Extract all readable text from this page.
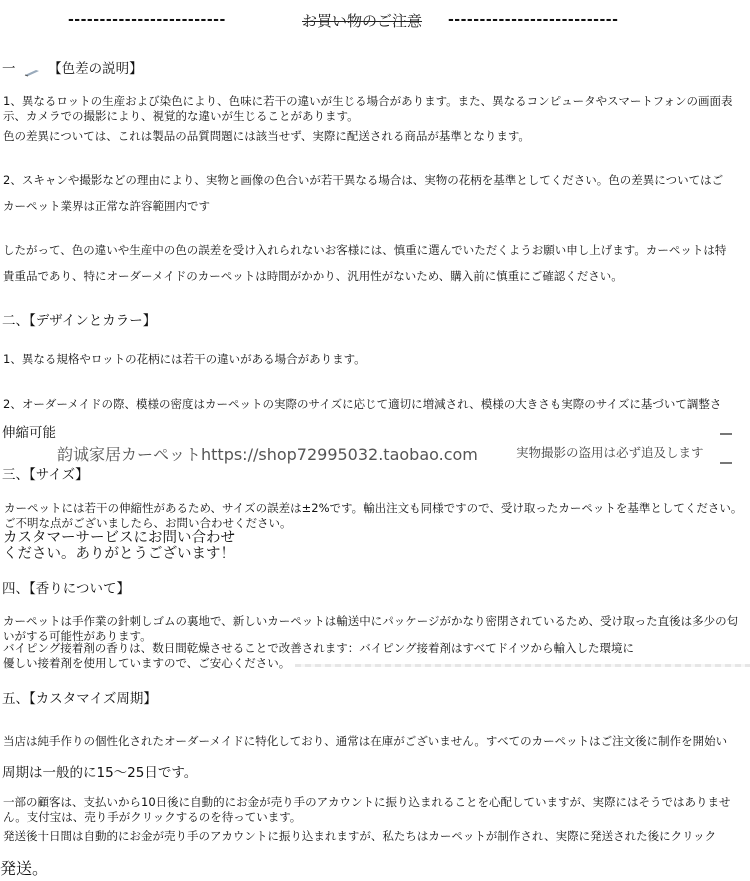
-------------------------	お買い物のご注意 ---------------------------
一 【色差の説明】
1、異なるロットの生産および染色により、色味に若干の違いが生じる場合があります。また、異なるコンピュータやスマートフォンの画面表示、カメラでの撮影により、視覚的な違いが生じることがあります。
色の差異については、これは製品の品質問題には該当せず、実際に配送される商品が基準となります。
2、スキャンや撮影などの理由により、実物と画像の色合いが若干異なる場合は、実物の花柄を基準としてください。色の差異についてはご
カーペット業界は正常な許容範囲内です
したがって、色の違いや生産中の色の誤差を受け入れられないお客様には、慎重に選んでいただくようお願い申し上げます。カーペットは特
貴重品であり、特にオーダーメイドのカーペットは時間がかかり、汎用性がないため、購入前に慎重にご確認ください。
二、【デザインとカラー】
1、異なる規格やロットの花柄には若干の違いがある場合があります。
2、オーダーメイドの際、模様の密度はカーペットの実際のサイズに応じて適切に増減され、模様の大きさも実際のサイズに基づいて調整さ
伸縮可能
韵诚家居カーペットhttps://shop72995032.taobao.com	実物撮影の盗用は必ず追及します
三、【サイズ】
カーペットには若干の伸縮性があるため、サイズの誤差は±2%です。輸出注文も同様ですので、受け取ったカーペットを基準としてください。ご不明な点がございましたら、お問い合わせください。
カスタマーサービスにお問い合わせ
ください。ありがとうございます！
四、【香りについて】
カーペットは手作業の針刺しゴムの裏地で、新しいカーペットは輸送中にパッケージがかなり密閉されているため、受け取った直後は多少の匂いがする可能性があります。
バイピング接着剤の香りは、数日間乾燥させることで改善されます：バイピング接着剤はすべてドイツから輸入した環境に
優しい接着剤を使用していますので、ご安心ください。
五、【カスタマイズ周期】
当店は純手作りの個性化されたオーダーメイドに特化しており、通常は在庫がございません。すべてのカーペットはご注文後に制作を開始い
周期は一般的に15〜25日です。
一部の顧客は、支払いから10日後に自動的にお金が売り手のアカウントに振り込まれることを心配していますが、実際にはそうではありません。支付宝は、売り手がクリックするのを待っています。
発送後十日間は自動的にお金が売り手のアカウントに振り込まれますが、私たちはカーペットが制作され、実際に発送された後にクリック
発送。
